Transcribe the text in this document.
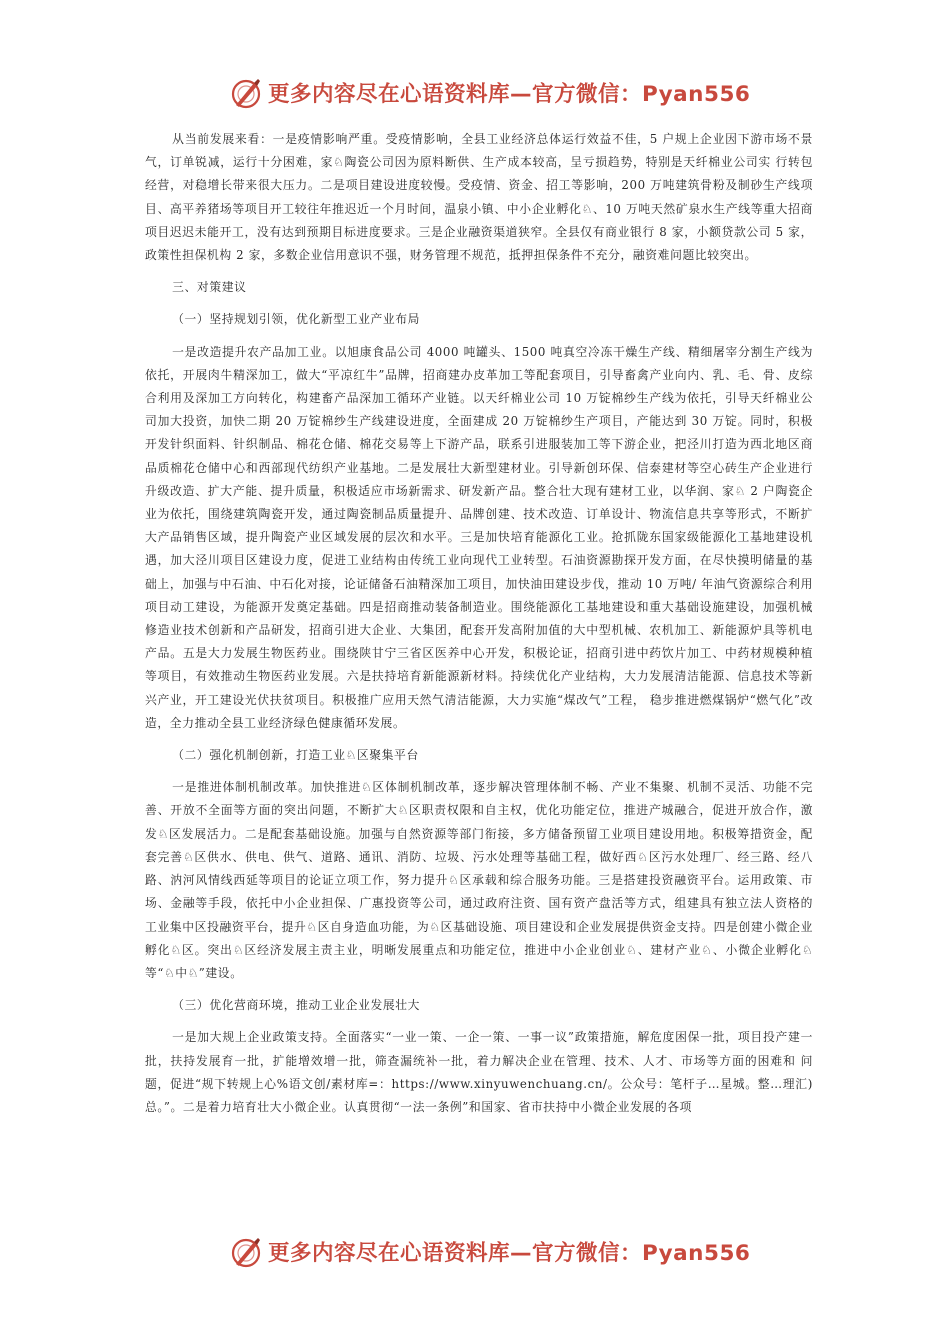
更多内容尽在心语资料库—官方微信：Pyan556

从当前发展来看：一是疫情影响严重。受疫情影响，全县工业经济总体运行效益不佳，5 户规上企业因下游市场不景气，订单锐减，运行十分困难，家♘陶瓷公司因为原料断供、生产成本较高，呈亏损趋势，特别是天纤棉业公司实 行转包经营，对稳增长带来很大压力。二是项目建设进度较慢。受疫情、资金、招工等影响，200 万吨建筑骨粉及制砂生产线项目、高平养猪场等项目开工较往年推迟近一个月时间，温泉小镇、中小企业孵化♘、10 万吨天然矿泉水生产线等重大招商项目迟迟未能开工，没有达到预期目标进度要求。三是企业融资渠道狭窄。全县仅有商业银行 8 家，小额贷款公司 5 家，政策性担保机构 2 家，多数企业信用意识不强，财务管理不规范，抵押担保条件不充分，融资难问题比较突出。

三、对策建议

（一）坚持规划引领，优化新型工业产业布局

一是改造提升农产品加工业。以旭康食品公司 4000 吨罐头、1500 吨真空冷冻干燥生产线、精细屠宰分割生产线为依托，开展肉牛精深加工，做大“平凉红牛”品牌，招商建办皮革加工等配套项目，引导畜禽产业向内、乳、毛、骨、皮综合利用及深加工方向转化，构建畜产品深加工循环产业链。以天纤棉业公司 10 万锭棉纱生产线为依托，引导天纤棉业公司加大投资，加快二期 20 万锭棉纱生产线建设进度，全面建成 20 万锭棉纱生产项目，产能达到 30 万锭。同时，积极开发针织面料、针织制品、棉花仓储、棉花交易等上下游产品，联系引进服装加工等下游企业，把泾川打造为西北地区商品质棉花仓储中心和西部现代纺织产业基地。二是发展壮大新型建材业。引导新创环保、信泰建材等空心砖生产企业进行升级改造、扩大产能、提升质量，积极适应市场新需求、研发新产品。整合壮大现有建材工业，以华润、家♘ 2 户陶瓷企业为依托，围绕建筑陶瓷开发，通过陶瓷制品质量提升、品牌创建、技术改造、订单设计、物流信息共享等形式，不断扩大产品销售区域，提升陶瓷产业区域发展的层次和水平。三是加快培育能源化工业。抢抓陇东国家级能源化工基地建设机遇，加大泾川项目区建设力度，促进工业结构由传统工业向现代工业转型。石油资源勘探开发方面，在尽快摸明储量的基础上，加强与中石油、中石化对接，论证储备石油精深加工项目，加快油田建设步伐，推动 10 万吨/ 年油气资源综合利用项目动工建设，为能源开发奠定基础。四是招商推动装备制造业。围绕能源化工基地建设和重大基础设施建设，加强机械修造业技术创新和产品研发，招商引进大企业、大集团，配套开发高附加值的大中型机械、农机加工、新能源炉具等机电产品。五是大力发展生物医药业。围绕陕甘宁三省区医养中心开发，积极论证，招商引进中药饮片加工、中药材规模种植等项目，有效推动生物医药业发展。六是扶持培育新能源新材料。持续优化产业结构，大力发展清洁能源、信息技术等新兴产业，开工建设光伏扶贫项目。积极推广应用天然气清洁能源，大力实施“煤改气”工程， 稳步推进燃煤锅炉“燃气化”改造，全力推动全县工业经济绿色健康循环发展。

（二）强化机制创新，打造工业♘区聚集平台

一是推进体制机制改革。加快推进♘区体制机制改革，逐步解决管理体制不畅、产业不集聚、机制不灵活、功能不完善、开放不全面等方面的突出问题，不断扩大♘区职责权限和自主权，优化功能定位，推进产城融合，促进开放合作，激发♘区发展活力。二是配套基础设施。加强与自然资源等部门衔接，多方储备预留工业项目建设用地。积极筹措资金，配套完善♘区供水、供电、供气、道路、通讯、消防、垃圾、污水处理等基础工程，做好西♘区污水处理厂、经三路、经八路、汭河风情线西延等项目的论证立项工作，努力提升♘区承载和综合服务功能。三是搭建投资融资平台。运用政策、市场、金融等手段，依托中小企业担保、广惠投资等公司，通过政府注资、国有资产盘活等方式，组建具有独立法人资格的工业集中区投融资平台，提升♘区自身造血功能，为♘区基础设施、项目建设和企业发展提供资金支持。四是创建小微企业孵化♘区。突出♘区经济发展主责主业，明晰发展重点和功能定位，推进中小企业创业♘、建材产业♘、小微企业孵化♘等“♘中♘”建设。

（三）优化营商环境，推动工业企业发展壮大

一是加大规上企业政策支持。全面落实“一业一策、一企一策、一事一议”政策措施，解危度困保一批，项目投产建一批，扶持发展育一批，扩能增效增一批，筛查漏统补一批，着力解决企业在管理、技术、人才、市场等方面的困难和 问题，促进“规下转规上心%语文创/素材库=：https://www.xinyuwenchuang.cn/。公众号：笔杆子…星城。整…理汇)总。”。二是着力培育壮大小微企业。认真贯彻“一法一条例”和国家、省市扶持中小微企业发展的各项

更多内容尽在心语资料库—官方微信：Pyan556
